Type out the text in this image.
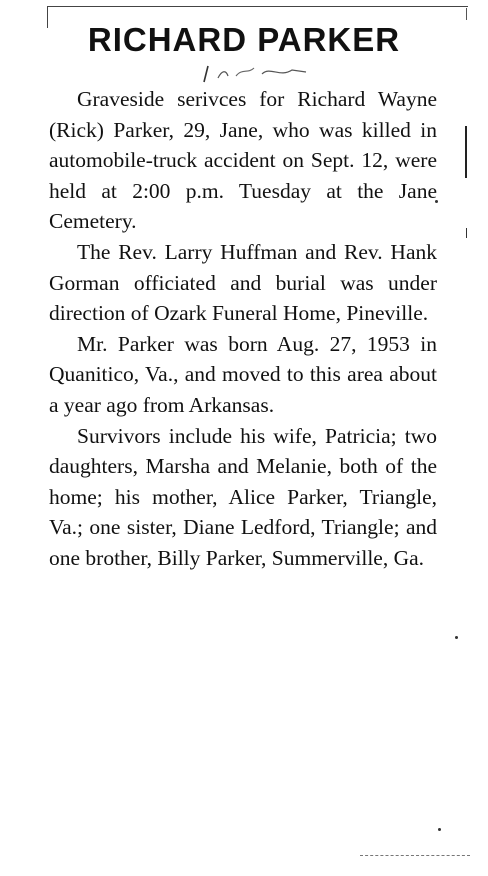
RICHARD PARKER

Graveside serivces for Richard Wayne (Rick) Parker, 29, Jane, who was killed in automobile-truck accident on Sept. 12, were held at 2:00 p.m. Tuesday at the Jane Cemetery.

The Rev. Larry Huffman and Rev. Hank Gorman officiated and burial was under direction of Ozark Funeral Home, Pineville.

Mr. Parker was born Aug. 27, 1953 in Quanitico, Va., and moved to this area about a year ago from Arkansas.

Survivors include his wife, Patricia; two daughters, Marsha and Melanie, both of the home; his mother, Alice Parker, Triangle, Va.; one sister, Diane Ledford, Triangle; and one brother, Billy Parker, Summerville, Ga.
